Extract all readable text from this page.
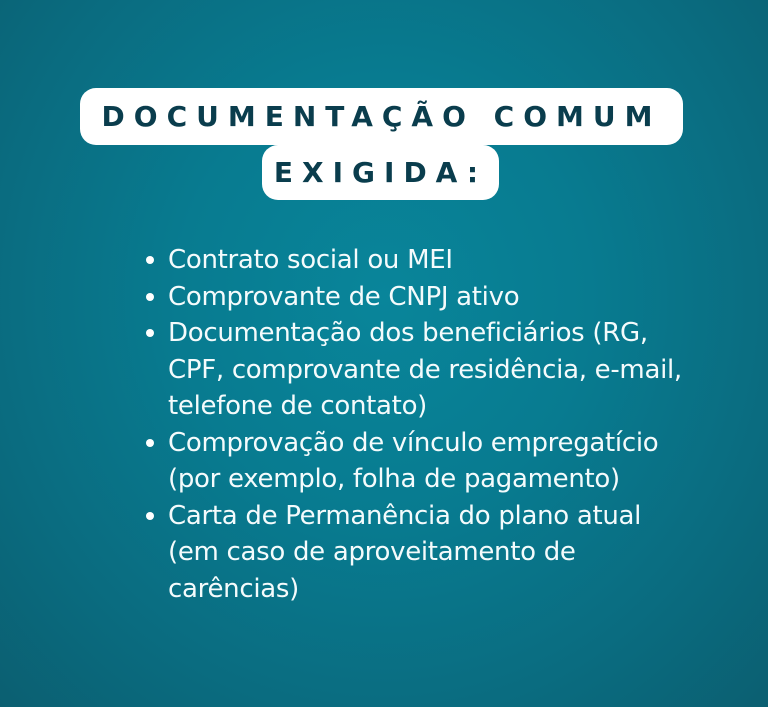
DOCUMENTAÇÃO COMUM
EXIGIDA:
Contrato social ou MEI
Comprovante de CNPJ ativo
Documentação dos beneficiários (RG, CPF, comprovante de residência, e-mail, telefone de contato)
Comprovação de vínculo empregatício (por exemplo, folha de pagamento)
Carta de Permanência do plano atual (em caso de aproveitamento de carências)
